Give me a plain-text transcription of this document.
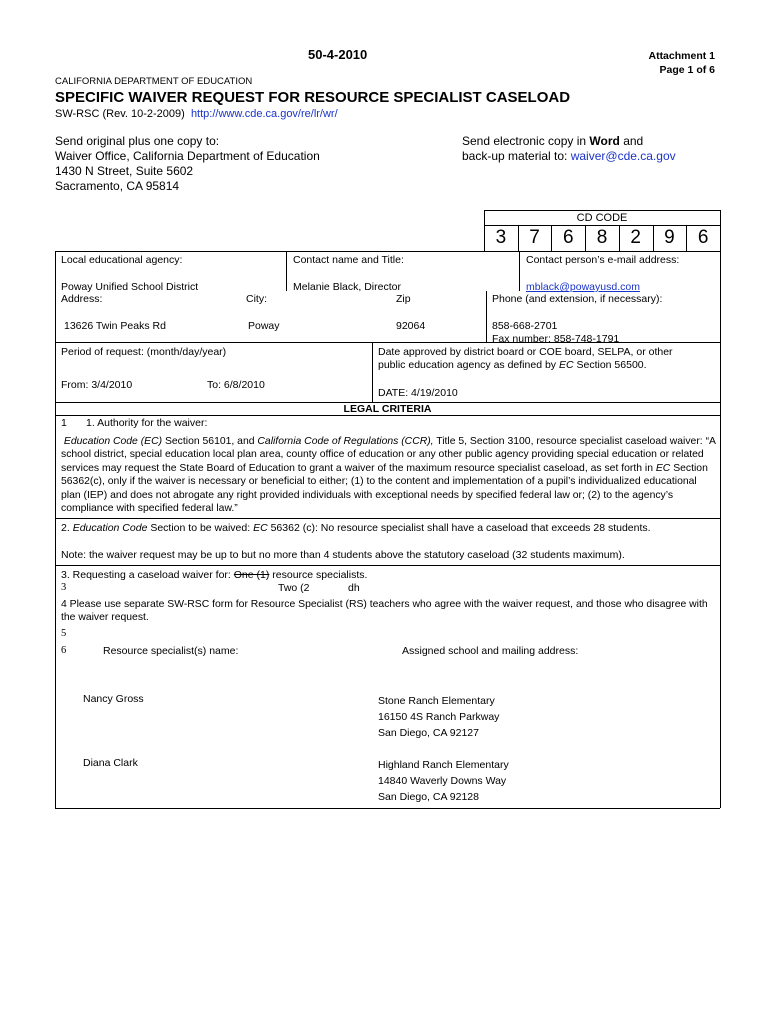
50-4-2010	Attachment 1
Page 1 of 6
CALIFORNIA DEPARTMENT OF EDUCATION
SPECIFIC WAIVER REQUEST FOR RESOURCE SPECIALIST CASELOAD
SW-RSC (Rev. 10-2-2009) http://www.cde.ca.gov/re/lr/wr/
Send original plus one copy to:
Waiver Office, California Department of Education
1430 N Street, Suite 5602
Sacramento, CA 95814
Send electronic copy in Word and
back-up material to: waiver@cde.ca.gov
CD CODE
3	7	6	8	2	9	6
Local educational agency:
Poway Unified School District
Contact name and Title:
Melanie Black, Director
Contact person’s e-mail address:
mblack@powayusd.com
Address:	City:	Zip	Phone (and extension, if necessary):
13626 Twin Peaks Rd	Poway	92064	858-668-2701
Fax number: 858-748-1791
Period of request: (month/day/year)
From: 3/4/2010	To: 6/8/2010
Date approved by district board or COE board, SELPA, or other
public education agency as defined by EC Section 56500.
DATE: 4/19/2010
LEGAL CRITERIA
1 1. Authority for the waiver:
Education Code (EC) Section 56101, and California Code of Regulations (CCR), Title 5, Section 3100, resource specialist caseload waiver: “A school district, special education local plan area, county office of education or any other public agency providing special education or related services may request the State Board of Education to grant a waiver of the maximum resource specialist caseload, as set forth in EC Section 56362(c), only if the waiver is necessary or beneficial to either; (1) to the content and implementation of a pupil’s individualized educational plan (IEP) and does not abrogate any right provided individuals with exceptional needs by specified federal law or; (2) to the agency’s compliance with specified federal law.”
2. Education Code Section to be waived: EC 56362 (c): No resource specialist shall have a caseload that exceeds 28 students.
Note: the waiver request may be up to but no more than 4 students above the statutory caseload (32 students maximum).
3. Requesting a caseload waiver for: One (1) resource specialists.
3	Two (2	dh
4 Please use separate SW-RSC form for Resource Specialist (RS) teachers who agree with the waiver request, and those who disagree with the waiver request.
5
6	Resource specialist(s) name:	Assigned school and mailing address:
Nancy Gross	Stone Ranch Elementary
16150 4S Ranch Parkway
San Diego, CA 92127
Diana Clark	Highland Ranch Elementary
14840 Waverly Downs Way
San Diego, CA 92128
